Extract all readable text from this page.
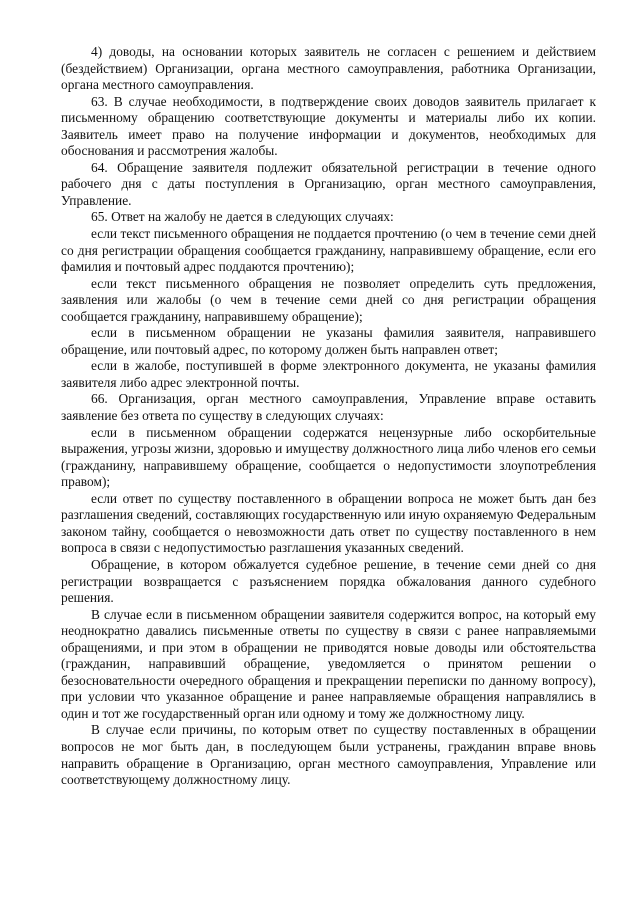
4) доводы, на основании которых заявитель не согласен с решением и действием (бездействием) Организации, органа местного самоуправления, работника Организации, органа местного самоуправления.

63. В случае необходимости, в подтверждение своих доводов заявитель прилагает к письменному обращению соответствующие документы и материалы либо их копии. Заявитель имеет право на получение информации и документов, необходимых для обоснования и рассмотрения жалобы.

64. Обращение заявителя подлежит обязательной регистрации в течение одного рабочего дня с даты поступления в Организацию, орган местного самоуправления, Управление.

65. Ответ на жалобу не дается в следующих случаях:

если текст письменного обращения не поддается прочтению (о чем в течение семи дней со дня регистрации обращения сообщается гражданину, направившему обращение, если его фамилия и почтовый адрес поддаются прочтению);

если текст письменного обращения не позволяет определить суть предложения, заявления или жалобы (о чем в течение семи дней со дня регистрации обращения сообщается гражданину, направившему обращение);

если в письменном обращении не указаны фамилия заявителя, направившего обращение, или почтовый адрес, по которому должен быть направлен ответ;

если в жалобе, поступившей в форме электронного документа, не указаны фамилия заявителя либо адрес электронной почты.

66. Организация, орган местного самоуправления, Управление вправе оставить заявление без ответа по существу в следующих случаях:

если в письменном обращении содержатся нецензурные либо оскорбительные выражения, угрозы жизни, здоровью и имуществу должностного лица либо членов его семьи (гражданину, направившему обращение, сообщается о недопустимости злоупотребления правом);

если ответ по существу поставленного в обращении вопроса не может быть дан без разглашения сведений, составляющих государственную или иную охраняемую Федеральным законом тайну, сообщается о невозможности дать ответ по существу поставленного в нем вопроса в связи с недопустимостью разглашения указанных сведений.

Обращение, в котором обжалуется судебное решение, в течение семи дней со дня регистрации возвращается с разъяснением порядка обжалования данного судебного решения.

В случае если в письменном обращении заявителя содержится вопрос, на который ему неоднократно давались письменные ответы по существу в связи с ранее направляемыми обращениями, и при этом в обращении не приводятся новые доводы или обстоятельства (гражданин, направивший обращение, уведомляется о принятом решении о безосновательности очередного обращения и прекращении переписки по данному вопросу), при условии что указанное обращение и ранее направляемые обращения направлялись в один и тот же государственный орган или одному и тому же должностному лицу.

В случае если причины, по которым ответ по существу поставленных в обращении вопросов не мог быть дан, в последующем были устранены, гражданин вправе вновь направить обращение в Организацию, орган местного самоуправления, Управление или соответствующему должностному лицу.
